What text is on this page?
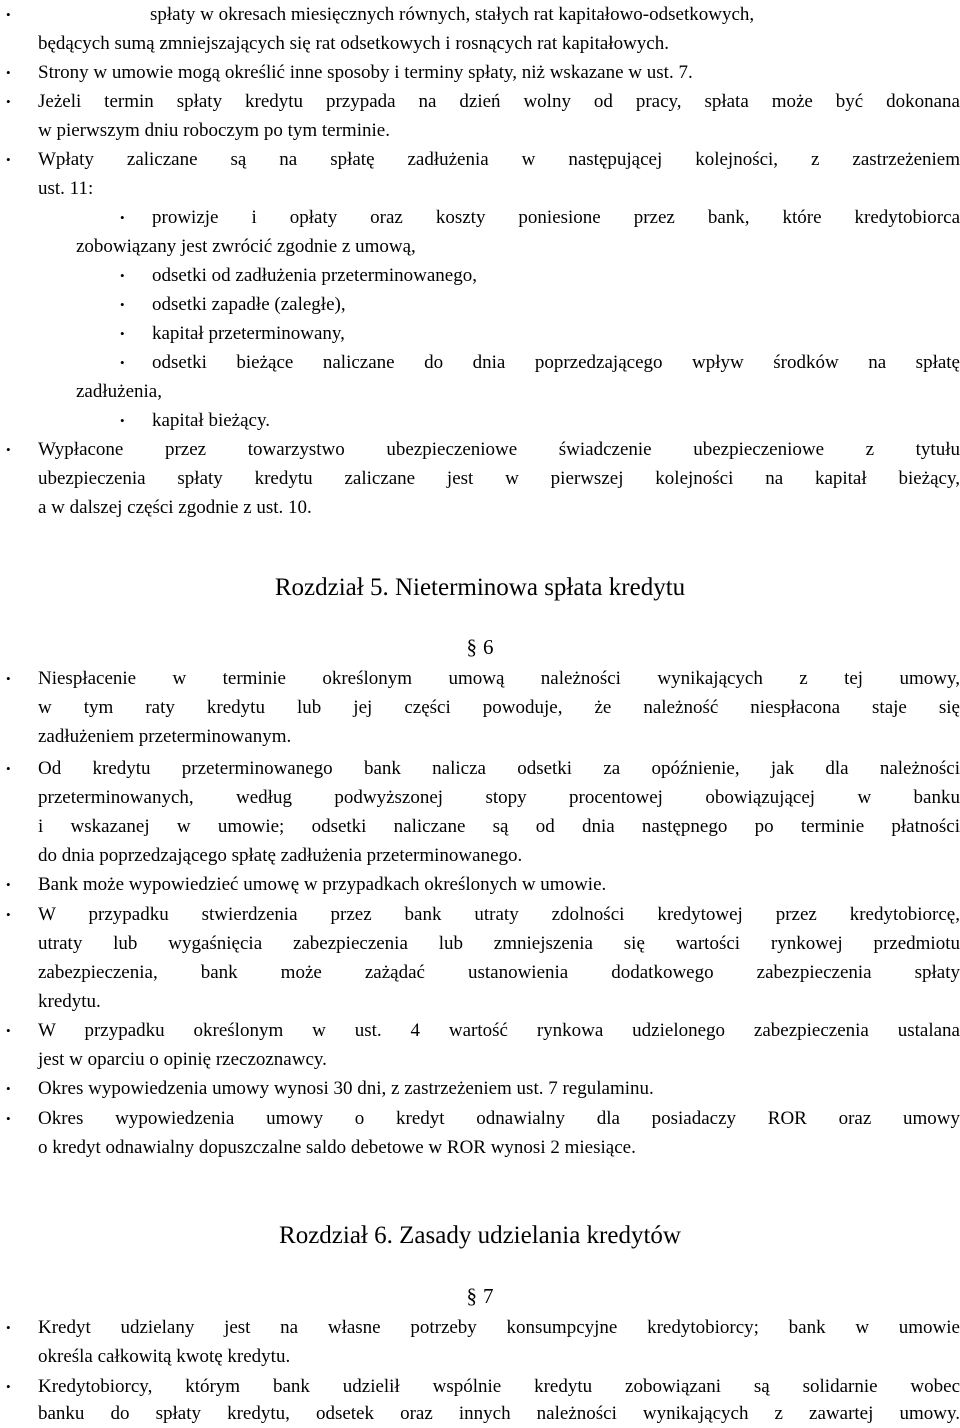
•	spłaty w okresach miesięcznych równych, stałych rat kapitałowo-odsetkowych,
będących sumą zmniejszających się rat odsetkowych i rosnących rat kapitałowych.
• Strony w umowie mogą określić inne sposoby i terminy spłaty, niż wskazane w ust. 7.
• Jeżeli termin spłaty kredytu przypada na dzień wolny od pracy, spłata może być dokonana
w pierwszym dniu roboczym po tym terminie.
• Wpłaty zaliczane są na spłatę zadłużenia w następującej kolejności, z zastrzeżeniem
ust. 11:
• prowizje i opłaty oraz koszty poniesione przez bank, które kredytobiorca
zobowiązany jest zwrócić zgodnie z umową,
• odsetki od zadłużenia przeterminowanego,
• odsetki zapadłe (zaległe),
• kapitał przeterminowany,
• odsetki bieżące naliczane do dnia poprzedzającego wpływ środków na spłatę
zadłużenia,
• kapitał bieżący.
• Wypłacone przez towarzystwo ubezpieczeniowe świadczenie ubezpieczeniowe z tytułu
ubezpieczenia spłaty kredytu zaliczane jest w pierwszej kolejności na kapitał bieżący,
a w dalszej części zgodnie z ust. 10.
Rozdział 5. Nieterminowa spłata kredytu
§ 6
• Niespłacenie w terminie określonym umową należności wynikających z tej umowy,
w tym raty kredytu lub jej części powoduje, że należność niespłacona staje się
zadłużeniem przeterminowanym.
• Od kredytu przeterminowanego bank nalicza odsetki za opóźnienie, jak dla należności
przeterminowanych, według podwyższonej stopy procentowej obowiązującej w banku
i wskazanej w umowie; odsetki naliczane są od dnia następnego po terminie płatności
do dnia poprzedzającego spłatę zadłużenia przeterminowanego.
• Bank może wypowiedzieć umowę w przypadkach określonych w umowie.
• W przypadku stwierdzenia przez bank utraty zdolności kredytowej przez kredytobiorcę,
utraty lub wygaśnięcia zabezpieczenia lub zmniejszenia się wartości rynkowej przedmiotu
zabezpieczenia, bank może zażądać ustanowienia dodatkowego zabezpieczenia spłaty
kredytu.
• W przypadku określonym w ust. 4 wartość rynkowa udzielonego zabezpieczenia ustalana
jest w oparciu o opinię rzeczoznawcy.
• Okres wypowiedzenia umowy wynosi 30 dni, z zastrzeżeniem ust. 7 regulaminu.
• Okres wypowiedzenia umowy o kredyt odnawialny dla posiadaczy ROR oraz umowy
o kredyt odnawialny dopuszczalne saldo debetowe w ROR wynosi 2 miesiące.
Rozdział 6. Zasady udzielania kredytów
§ 7
• Kredyt udzielany jest na własne potrzeby konsumpcyjne kredytobiorcy; bank w umowie
określa całkowitą kwotę kredytu.
• Kredytobiorcy, którym bank udzielił wspólnie kredytu zobowiązani są solidarnie wobec
banku do spłaty kredytu, odsetek oraz innych należności wynikających z zawartej umowy.
